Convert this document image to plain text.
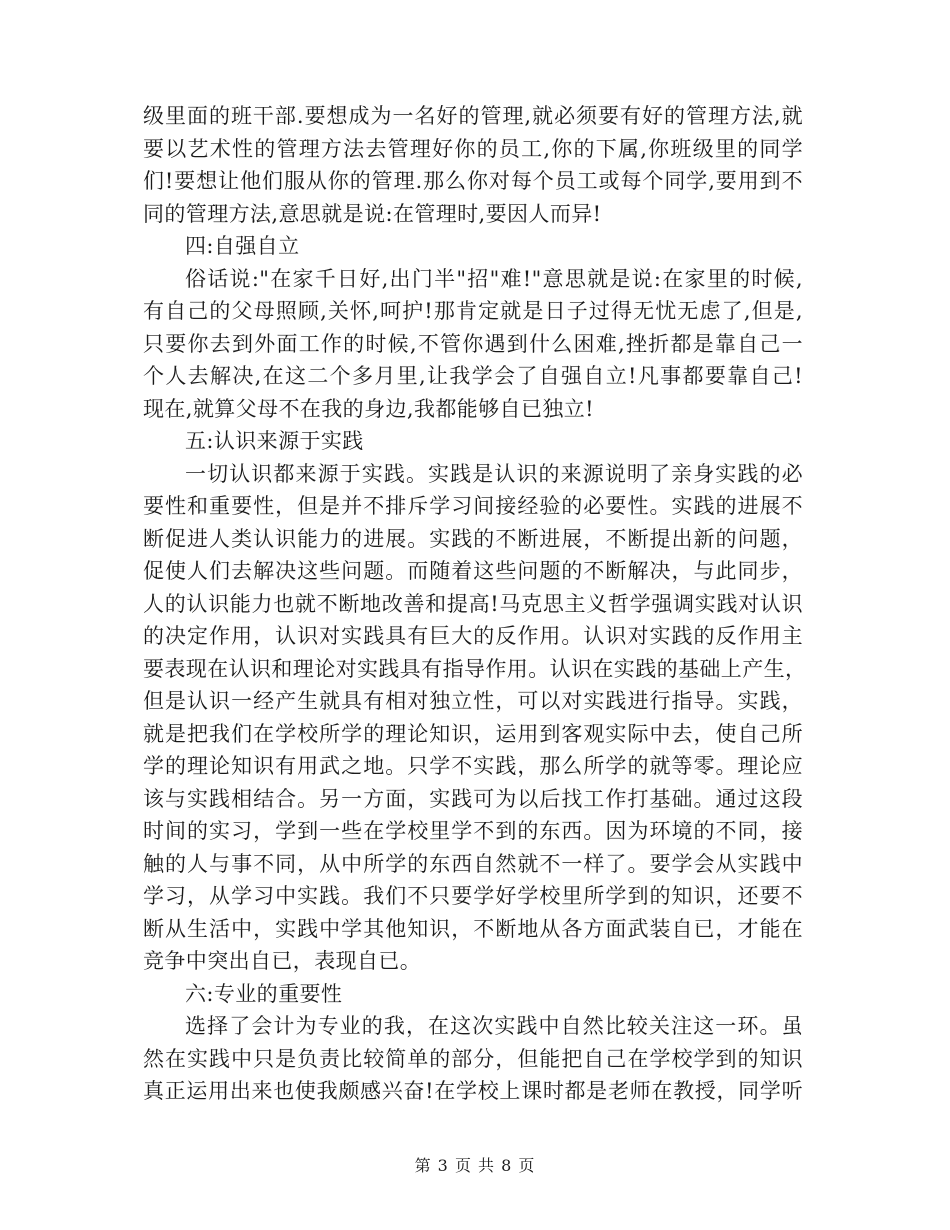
级里面的班干部.要想成为一名好的管理,就必须要有好的管理方法,就
要以艺术性的管理方法去管理好你的员工,你的下属,你班级里的同学
们!要想让他们服从你的管理.那么你对每个员工或每个同学,要用到不
同的管理方法,意思就是说:在管理时,要因人而异!
四:自强自立
俗话说:"在家千日好,出门半"招"难!"意思就是说:在家里的时候,
有自己的父母照顾,关怀,呵护!那肯定就是日子过得无忧无虑了,但是,
只要你去到外面工作的时候,不管你遇到什么困难,挫折都是靠自己一
个人去解决,在这二个多月里,让我学会了自强自立!凡事都要靠自己!
现在,就算父母不在我的身边,我都能够自已独立!
五:认识来源于实践
一切认识都来源于实践。实践是认识的来源说明了亲身实践的必
要性和重要性，但是并不排斥学习间接经验的必要性。实践的进展不
断促进人类认识能力的进展。实践的不断进展，不断提出新的问题，
促使人们去解决这些问题。而随着这些问题的不断解决，与此同步，
人的认识能力也就不断地改善和提高!马克思主义哲学强调实践对认识
的决定作用，认识对实践具有巨大的反作用。认识对实践的反作用主
要表现在认识和理论对实践具有指导作用。认识在实践的基础上产生，
但是认识一经产生就具有相对独立性，可以对实践进行指导。实践，
就是把我们在学校所学的理论知识，运用到客观实际中去，使自己所
学的理论知识有用武之地。只学不实践，那么所学的就等零。理论应
该与实践相结合。另一方面，实践可为以后找工作打基础。通过这段
时间的实习，学到一些在学校里学不到的东西。因为环境的不同，接
触的人与事不同，从中所学的东西自然就不一样了。要学会从实践中
学习，从学习中实践。我们不只要学好学校里所学到的知识，还要不
断从生活中，实践中学其他知识，不断地从各方面武装自已，才能在
竞争中突出自已，表现自已。
六:专业的重要性
选择了会计为专业的我，在这次实践中自然比较关注这一环。虽
然在实践中只是负责比较简单的部分，但能把自己在学校学到的知识
真正运用出来也使我颇感兴奋!在学校上课时都是老师在教授，同学听
第 3 页 共 8 页
